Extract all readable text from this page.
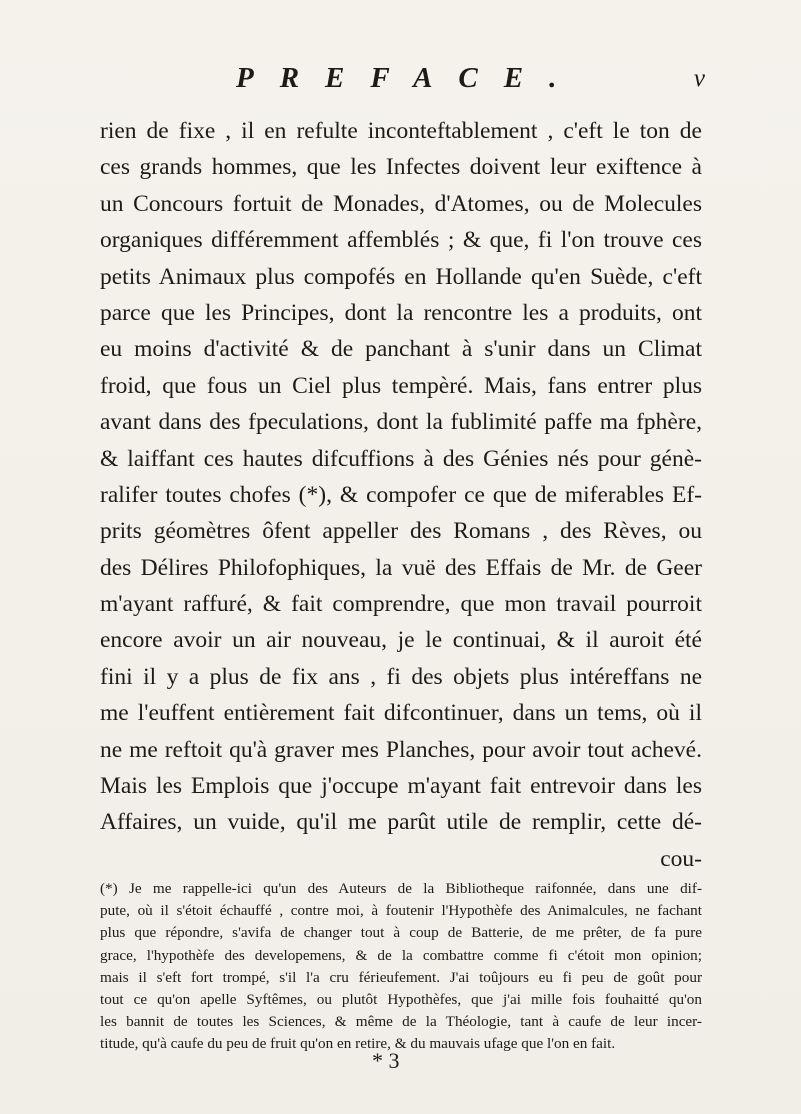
PREFACE.	v
rien de fixe , il en refulte inconteftablement , c'eft le ton de
ces grands hommes, que les Infectes doivent leur exiftence à
un Concours fortuit de Monades, d'Atomes, ou de Molecules
organiques différemment affemblés ; & que, fi l'on trouve ces
petits Animaux plus compofés en Hollande qu'en Suède, c'eft
parce que les Principes, dont la rencontre les a produits, ont
eu moins d'activité & de panchant à s'unir dans un Climat
froid, que fous un Ciel plus tempèré. Mais, fans entrer plus
avant dans des fpeculations, dont la fublimité paffe ma fphère,
& laiffant ces hautes difcuffions à des Génies nés pour génè-
ralifer toutes chofes (*), & compofer ce que de miferables Ef-
prits géomètres ôfent appeller des Romans , des Rèves, ou
des Délires Philofophiques, la vuë des Effais de Mr. de Geer
m'ayant raffuré, & fait comprendre, que mon travail pourroit
encore avoir un air nouveau, je le continuai, & il auroit été
fini il y a plus de fix ans , fi des objets plus intéreffans ne
me l'euffent entièrement fait difcontinuer, dans un tems, où il
ne me reftoit qu'à graver mes Planches, pour avoir tout achevé.
Mais les Emplois que j'occupe m'ayant fait entrevoir dans les
Affaires, un vuide, qu'il me parût utile de remplir, cette dé-
cou-
(*) Je me rappelle-ici qu'un des Auteurs de la Bibliotheque raifonnée, dans une dif-
pute, où il s'étoit échauffé , contre moi, à foutenir l'Hypothèfe des Animalcules, ne fachant
plus que répondre, s'avifa de changer tout à coup de Batterie, de me prêter, de fa pure
grace, l'hypothèfe des developemens, & de la combattre comme fi c'étoit mon opinion;
mais il s'eft fort trompé, s'il l'a cru férieufement. J'ai toûjours eu fi peu de goût pour
tout ce qu'on apelle Syftêmes, ou plutôt Hypothèfes, que j'ai mille fois fouhaitté qu'on
les bannit de toutes les Sciences, & même de la Théologie, tant à caufe de leur incer-
titude, qu'à caufe du peu de fruit qu'on en retire, & du mauvais ufage que l'on en fait.
* 3
